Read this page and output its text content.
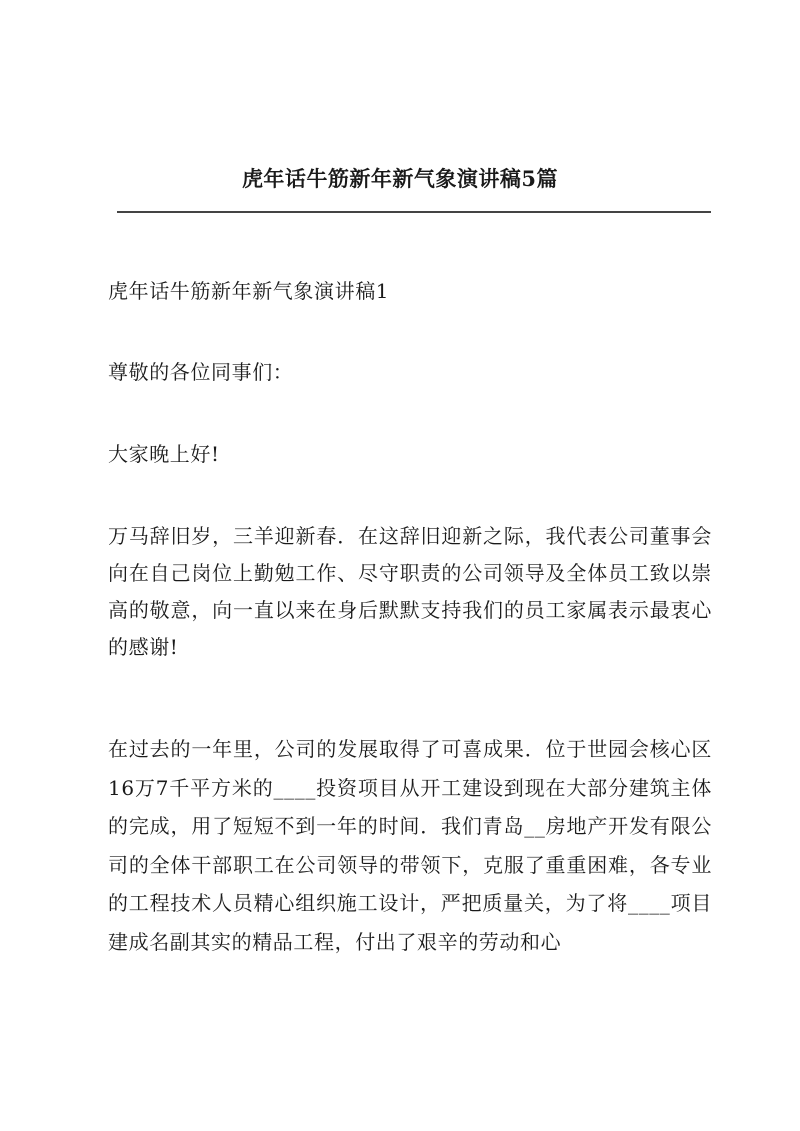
虎年话牛筋新年新气象演讲稿5篇

虎年话牛筋新年新气象演讲稿1

尊敬的各位同事们：

大家晚上好!

万马辞旧岁，三羊迎新春．在这辞旧迎新之际，我代表公司董事会向在自己岗位上勤勉工作、尽守职责的公司领导及全体员工致以崇高的敬意，向一直以来在身后默默支持我们的员工家属表示最衷心的感谢!

在过去的一年里，公司的发展取得了可喜成果．位于世园会核心区16万7千平方米的____投资项目从开工建设到现在大部分建筑主体的完成，用了短短不到一年的时间．我们青岛__房地产开发有限公司的全体干部职工在公司领导的带领下，克服了重重困难，各专业的工程技术人员精心组织施工设计，严把质量关，为了将____项目建成名副其实的精品工程，付出了艰辛的劳动和心
